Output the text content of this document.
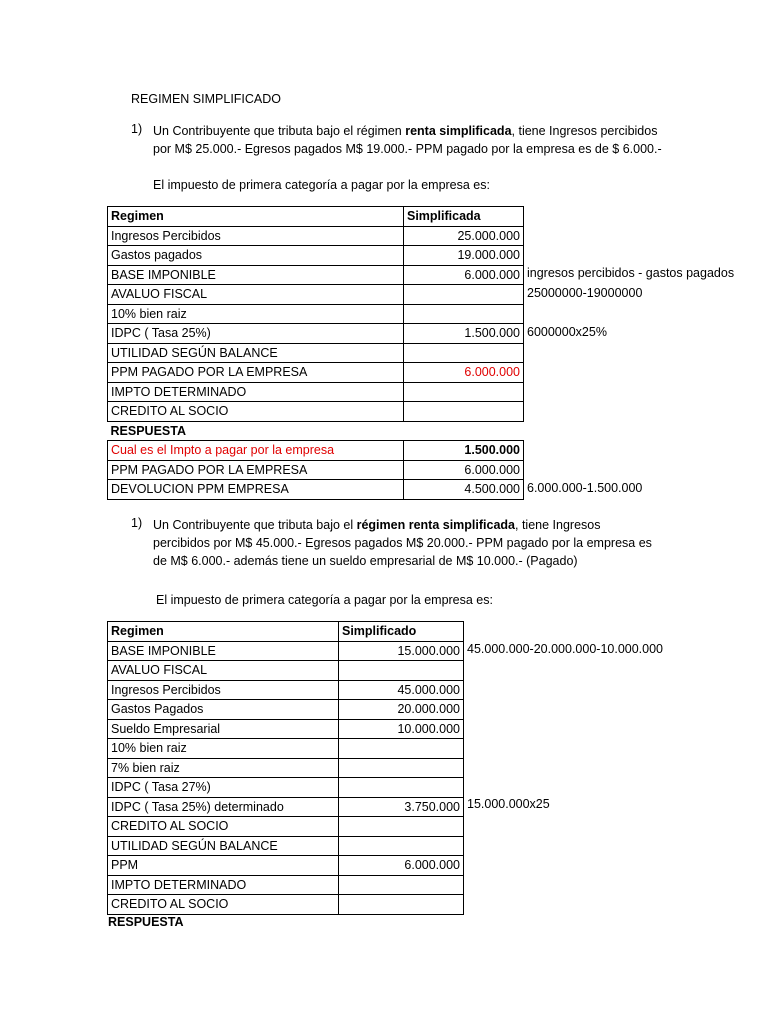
REGIMEN SIMPLIFICADO
1) Un Contribuyente que tributa bajo el régimen renta simplificada, tiene Ingresos percibidos
por M$ 25.000.- Egresos pagados M$ 19.000.- PPM pagado por la empresa es de $ 6.000.-
El impuesto de primera categoría a pagar por la empresa es:
Regimen	Simplificada
Ingresos Percibidos	25.000.000
Gastos pagados	19.000.000
BASE IMPONIBLE	6.000.000
AVALUO FISCAL	
10% bien raiz	
IDPC ( Tasa 25%)	1.500.000
UTILIDAD SEGÚN BALANCE	
PPM PAGADO POR LA EMPRESA	6.000.000
IMPTO DETERMINADO	
CREDITO AL SOCIO	
RESPUESTA	
Cual es el Impto a pagar por la empresa	1.500.000
PPM PAGADO POR LA EMPRESA	6.000.000
DEVOLUCION PPM EMPRESA	4.500.000
ingresos percibidos - gastos pagados
25000000-19000000
6000000x25%
6.000.000-1.500.000
1) Un Contribuyente que tributa bajo el régimen renta simplificada, tiene Ingresos
percibidos por M$ 45.000.- Egresos pagados M$ 20.000.- PPM pagado por la empresa es
de M$ 6.000.- además tiene un sueldo empresarial de M$ 10.000.- (Pagado)
El impuesto de primera categoría a pagar por la empresa es:
Regimen	Simplificado
BASE IMPONIBLE	15.000.000
AVALUO FISCAL	
Ingresos Percibidos	45.000.000
Gastos Pagados	20.000.000
Sueldo Empresarial	10.000.000
10% bien raiz	
7% bien raiz	
IDPC ( Tasa 27%)	
IDPC ( Tasa 25%) determinado	3.750.000
CREDITO AL SOCIO	
UTILIDAD SEGÚN BALANCE	
PPM	6.000.000
IMPTO DETERMINADO	
CREDITO AL SOCIO	
RESPUESTA
45.000.000-20.000.000-10.000.000
15.000.000x25
